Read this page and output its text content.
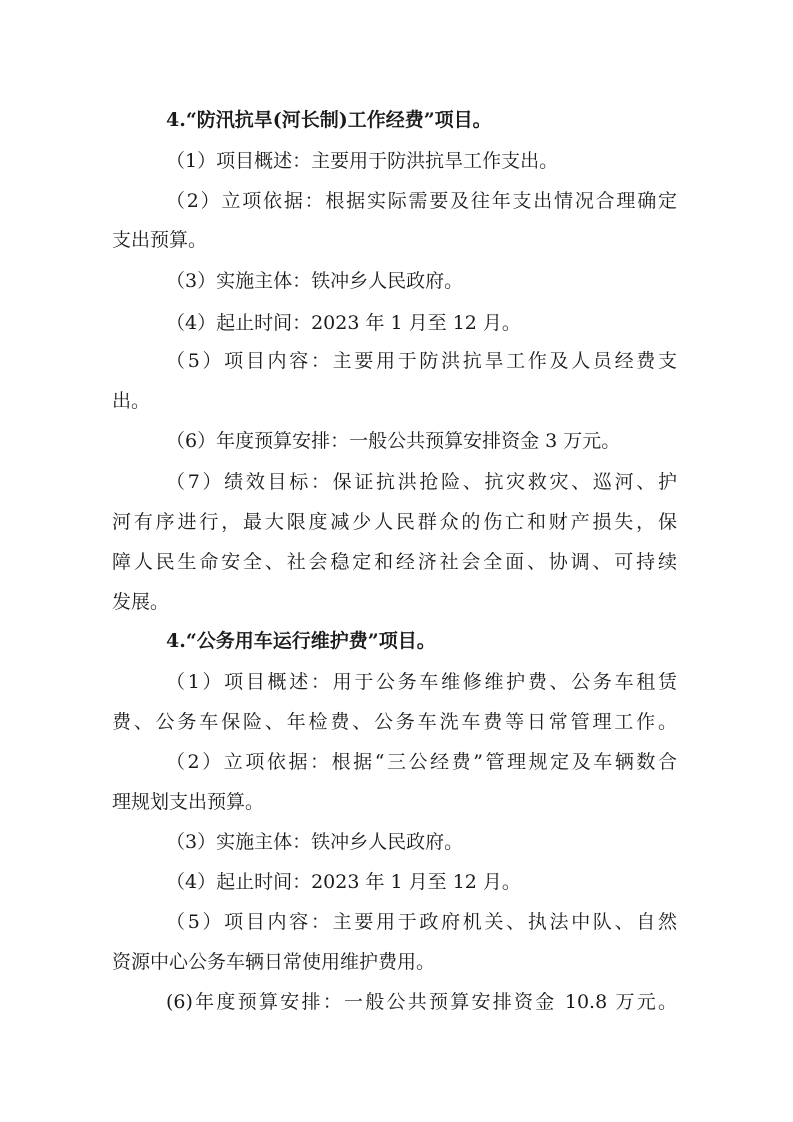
4.“防汛抗旱(河长制)工作经费”项目。

（1）项目概述：主要用于防洪抗旱工作支出。

（2）立项依据：根据实际需要及往年支出情况合理确定

支出预算。

（3）实施主体：铁冲乡人民政府。

（4）起止时间：2023 年 1 月至 12 月。

（5）项目内容：主要用于防洪抗旱工作及人员经费支

出。

（6）年度预算安排：一般公共预算安排资金 3 万元。

（7）绩效目标：保证抗洪抢险、抗灾救灾、巡河、护

河有序进行，最大限度减少人民群众的伤亡和财产损失，保

障人民生命安全、社会稳定和经济社会全面、协调、可持续

发展。

4.“公务用车运行维护费”项目。

（1）项目概述：用于公务车维修维护费、公务车租赁

费、公务车保险、年检费、公务车洗车费等日常管理工作。

（2）立项依据：根据“三公经费”管理规定及车辆数合

理规划支出预算。

（3）实施主体：铁冲乡人民政府。

（4）起止时间：2023 年 1 月至 12 月。

（5）项目内容：主要用于政府机关、执法中队、自然

资源中心公务车辆日常使用维护费用。

(6)年度预算安排：一般公共预算安排资金 10.8 万元。
